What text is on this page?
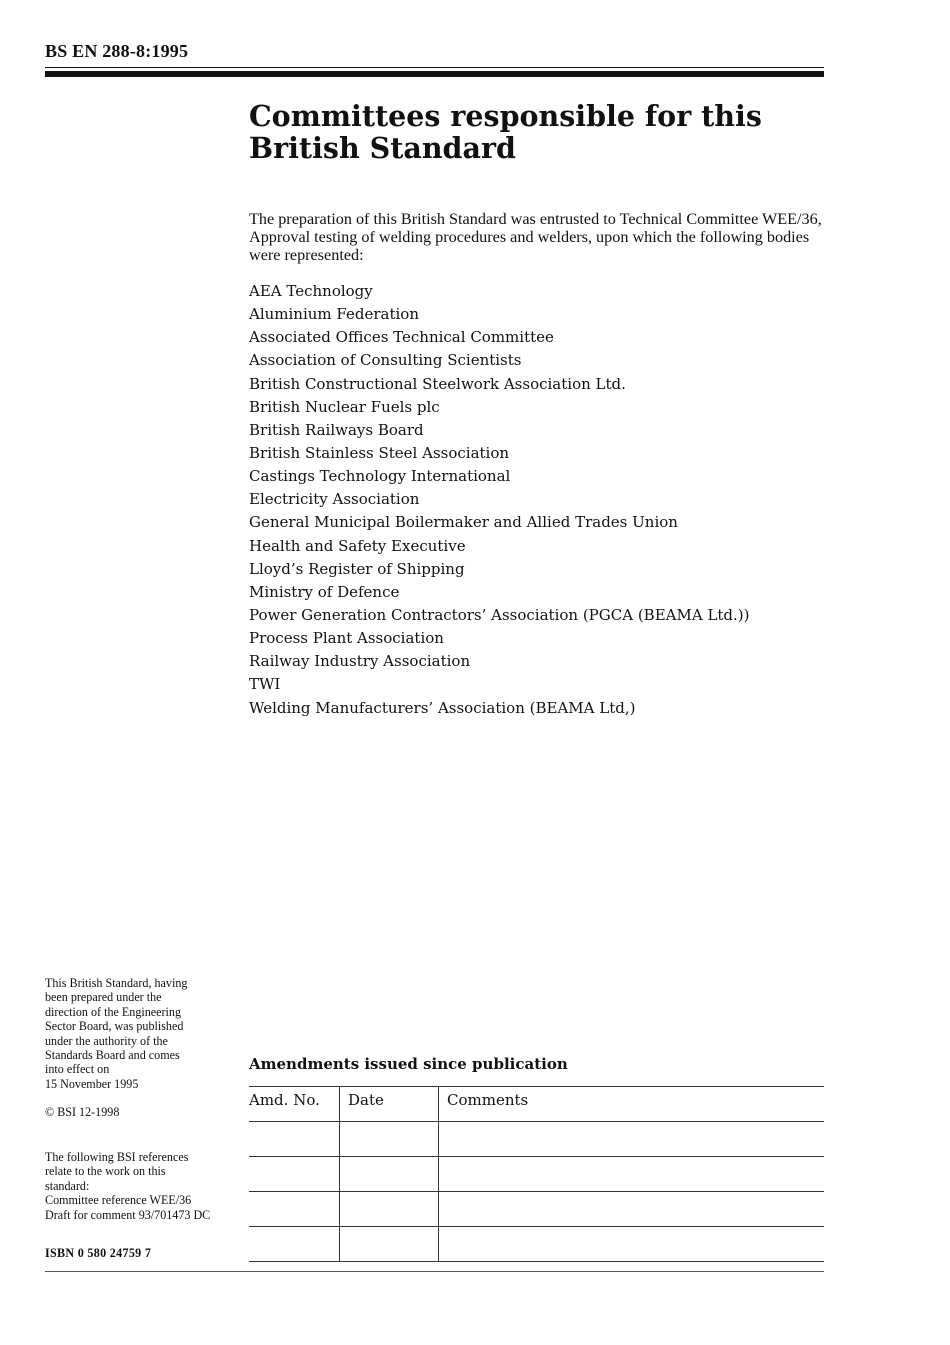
BS EN 288-8:1995
Committees responsible for this
British Standard

The preparation of this British Standard was entrusted to Technical Committee WEE/36, Approval testing of welding procedures and welders, upon which the following bodies were represented:

AEA Technology
Aluminium Federation
Associated Offices Technical Committee
Association of Consulting Scientists
British Constructional Steelwork Association Ltd.
British Nuclear Fuels plc
British Railways Board
British Stainless Steel Association
Castings Technology International
Electricity Association
General Municipal Boilermaker and Allied Trades Union
Health and Safety Executive
Lloyd’s Register of Shipping
Ministry of Defence
Power Generation Contractors’ Association (PGCA (BEAMA Ltd.))
Process Plant Association
Railway Industry Association
TWI
Welding Manufacturers’ Association (BEAMA Ltd,)
This British Standard, having
been prepared under the
direction of the Engineering
Sector Board, was published
under the authority of the
Standards Board and comes
into effect on
15 November 1995
© BSI 12-1998
The following BSI references
relate to the work on this
standard:
Committee reference WEE/36
Draft for comment 93/701473 DC
ISBN 0 580 24759 7
Amendments issued since publication
Amd. No.	Date	Comments
